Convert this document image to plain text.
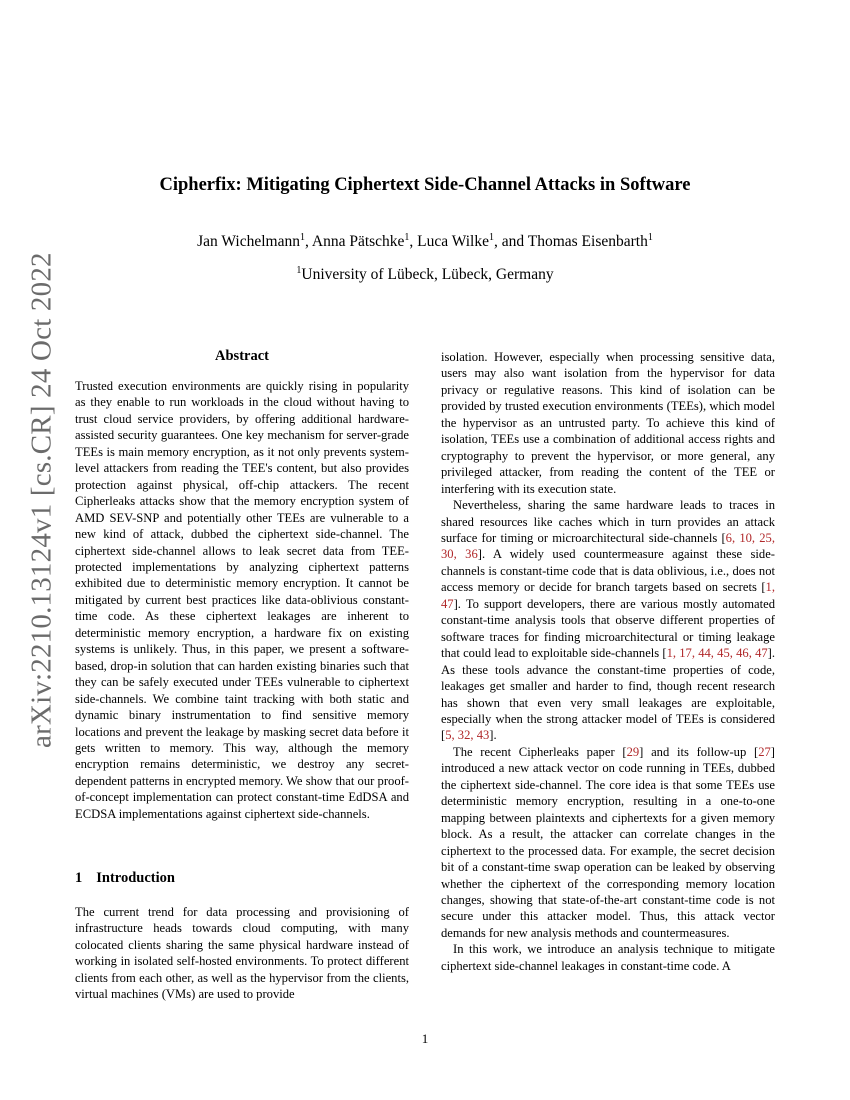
arXiv:2210.13124v1 [cs.CR] 24 Oct 2022
Cipherfix: Mitigating Ciphertext Side-Channel Attacks in Software
Jan Wichelmann$^1$, Anna Pätschke$^1$, Luca Wilke$^1$, and Thomas Eisenbarth$^1$
$^1$University of Lübeck, Lübeck, Germany
Abstract

Trusted execution environments are quickly rising in popularity as they enable to run workloads in the cloud without having to trust cloud service providers, by offering additional hardware-assisted security guarantees. One key mechanism for server-grade TEEs is main memory encryption, as it not only prevents system-level attackers from reading the TEE's content, but also provides protection against physical, off-chip attackers. The recent Cipherleaks attacks show that the memory encryption system of AMD SEV-SNP and potentially other TEEs are vulnerable to a new kind of attack, dubbed the ciphertext side-channel. The ciphertext side-channel allows to leak secret data from TEE-protected implementations by analyzing ciphertext patterns exhibited due to deterministic memory encryption. It cannot be mitigated by current best practices like data-oblivious constant-time code. As these ciphertext leakages are inherent to deterministic memory encryption, a hardware fix on existing systems is unlikely. Thus, in this paper, we present a software-based, drop-in solution that can harden existing binaries such that they can be safely executed under TEEs vulnerable to ciphertext side-channels. We combine taint tracking with both static and dynamic binary instrumentation to find sensitive memory locations and prevent the leakage by masking secret data before it gets written to memory. This way, although the memory encryption remains deterministic, we destroy any secret-dependent patterns in encrypted memory. We show that our proof-of-concept implementation can protect constant-time EdDSA and ECDSA implementations against ciphertext side-channels.

1 Introduction

The current trend for data processing and provisioning of infrastructure heads towards cloud computing, with many colocated clients sharing the same physical hardware instead of working in isolated self-hosted environments. To protect different clients from each other, as well as the hypervisor from the clients, virtual machines (VMs) are used to provide

isolation. However, especially when processing sensitive data, users may also want isolation from the hypervisor for data privacy or regulative reasons. This kind of isolation can be provided by trusted execution environments (TEEs), which model the hypervisor as an untrusted party. To achieve this kind of isolation, TEEs use a combination of additional access rights and cryptography to prevent the hypervisor, or more general, any privileged attacker, from reading the content of the TEE or interfering with its execution state.

Nevertheless, sharing the same hardware leads to traces in shared resources like caches which in turn provides an attack surface for timing or microarchitectural side-channels [6, 10, 25, 30, 36]. A widely used countermeasure against these side-channels is constant-time code that is data oblivious, i.e., does not access memory or decide for branch targets based on secrets [1, 47]. To support developers, there are various mostly automated constant-time analysis tools that observe different properties of software traces for finding microarchitectural or timing leakage that could lead to exploitable side-channels [1, 17, 44, 45, 46, 47]. As these tools advance the constant-time properties of code, leakages get smaller and harder to find, though recent research has shown that even very small leakages are exploitable, especially when the strong attacker model of TEEs is considered [5, 32, 43].

The recent Cipherleaks paper [29] and its follow-up [27] introduced a new attack vector on code running in TEEs, dubbed the ciphertext side-channel. The core idea is that some TEEs use deterministic memory encryption, resulting in a one-to-one mapping between plaintexts and ciphertexts for a given memory block. As a result, the attacker can correlate changes in the ciphertext to the processed data. For example, the secret decision bit of a constant-time swap operation can be leaked by observing whether the ciphertext of the corresponding memory location changes, showing that state-of-the-art constant-time code is not secure under this attacker model. Thus, this attack vector demands for new analysis methods and countermeasures.

In this work, we introduce an analysis technique to mitigate ciphertext side-channel leakages in constant-time code. A

1
